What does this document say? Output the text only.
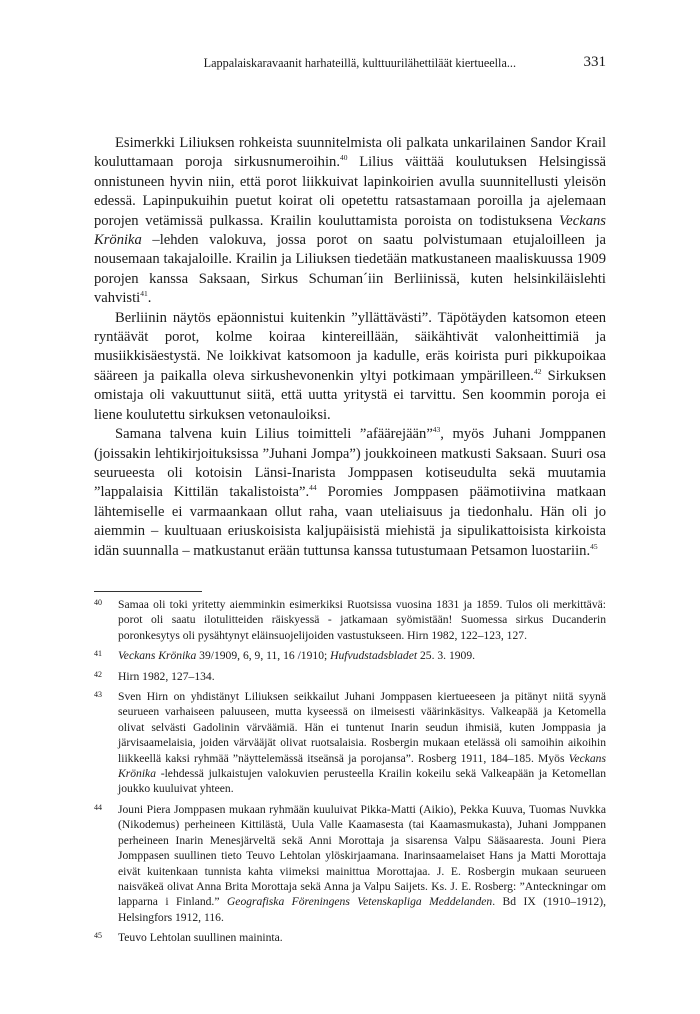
Lappalaiskaravaanit harhateillä, kulttuurilähettiläät kiertueella...	331

Esimerkki Liliuksen rohkeista suunnitelmista oli palkata unkarilainen Sandor Krail kouluttamaan poroja sirkusnumeroihin.$^{40}$ Lilius väittää koulutuksen Helsingissä onnistuneen hyvin niin, että porot liikkuivat lapinkoirien avulla suunnitellusti yleisön edessä. Lapinpukuihin puetut koirat oli opetettu ratsastamaan poroilla ja ajelemaan porojen vetämissä pulkassa. Krailin kouluttamista poroista on todistuksena Veckans Krönika –lehden valokuva, jossa porot on saatu polvistumaan etujaloilleen ja nousemaan takajaloille. Krailin ja Liliuksen tiedetään matkustaneen maaliskuussa 1909 porojen kanssa Saksaan, Sirkus Schuman´iin Berliinissä, kuten helsinkiläislehti vahvisti$^{41}$.

Berliinin näytös epäonnistui kuitenkin ”yllättävästi”. Täpötäyden katsomon eteen ryntäävät porot, kolme koiraa kintereillään, säikähtivät valonheittimiä ja musiikkisäestystä. Ne loikkivat katsomoon ja kadulle, eräs koirista puri pikkupoikaa sääreen ja paikalla oleva sirkushevonenkin yltyi potkimaan ympärilleen.$^{42}$ Sirkuksen omistaja oli vakuuttunut siitä, että uutta yritystä ei tarvittu. Sen koommin poroja ei liene koulutettu sirkuksen vetonauloiksi.

Samana talvena kuin Lilius toimitteli ”afäärejään”$^{43}$, myös Juhani Jomppanen (joissakin lehtikirjoituksissa ”Juhani Jompa”) joukkoineen matkusti Saksaan. Suuri osa seurueesta oli kotoisin Länsi-Inarista Jomppasen kotiseudulta sekä muutamia ”lappalaisia Kittilän takalistoista”.$^{44}$ Poromies Jomppasen päämotiivina matkaan lähtemiselle ei varmaankaan ollut raha, vaan uteliaisuus ja tiedonhalu. Hän oli jo aiemmin – kuultuaan eriuskoisista kaljupäisistä miehistä ja sipulikattoisista kirkoista idän suunnalla – matkustanut erään tuttunsa kanssa tutustumaan Petsamon luostariin.$^{45}$

40 Samaa oli toki yritetty aiemminkin esimerkiksi Ruotsissa vuosina 1831 ja 1859. Tulos oli merkittävä: porot oli saatu ilotulitteiden räiskyessä - jatkamaan syömistään! Suomessa sirkus Ducanderin poronkesytys oli pysähtynyt eläinsuojelijoiden vastustukseen. Hirn 1982, 122–123, 127.
41 Veckans Krönika 39/1909, 6, 9, 11, 16 /1910; Hufvudstadsbladet 25. 3. 1909.
42 Hirn 1982, 127–134.
43 Sven Hirn on yhdistänyt Liliuksen seikkailut Juhani Jomppasen kiertueeseen ja pitänyt niitä syynä seurueen varhaiseen paluuseen, mutta kyseessä on ilmeisesti väärinkäsitys. Valkeapää ja Ketomella olivat selvästi Gadolinin värväämiä. Hän ei tuntenut Inarin seudun ihmisiä, kuten Jomppasia ja järvisaamelaisia, joiden värvääjät olivat ruotsalaisia. Rosbergin mukaan etelässä oli samoihin aikoihin liikkeellä kaksi ryhmää ”näyttelemässä itseänsä ja porojansa”. Rosberg 1911, 184–185. Myös Veckans Krönika -lehdessä julkaistujen valokuvien perusteella Krailin kokeilu sekä Valkeapään ja Ketomellan joukko kuuluivat yhteen.
44 Jouni Piera Jomppasen mukaan ryhmään kuuluivat Pikka-Matti (Aikio), Pekka Kuuva, Tuomas Nuvkka (Nikodemus) perheineen Kittilästä, Uula Valle Kaamasesta (tai Kaamasmukasta), Juhani Jomppanen perheineen Inarin Menesjärveltä sekä Anni Morottaja ja sisarensa Valpu Sääsaaresta. Jouni Piera Jomppasen suullinen tieto Teuvo Lehtolan ylöskirjaamana. Inarinsaamelaiset Hans ja Matti Morottaja eivät kuitenkaan tunnista kahta viimeksi mainittua Morottajaa. J. E. Rosbergin mukaan seurueen naisväkeä olivat Anna Brita Morottaja sekä Anna ja Valpu Saijets. Ks. J. E. Rosberg: ”Anteckningar om lapparna i Finland.” Geografiska Föreningens Vetenskapliga Meddelanden. Bd IX (1910–1912), Helsingfors 1912, 116.
45 Teuvo Lehtolan suullinen maininta.
